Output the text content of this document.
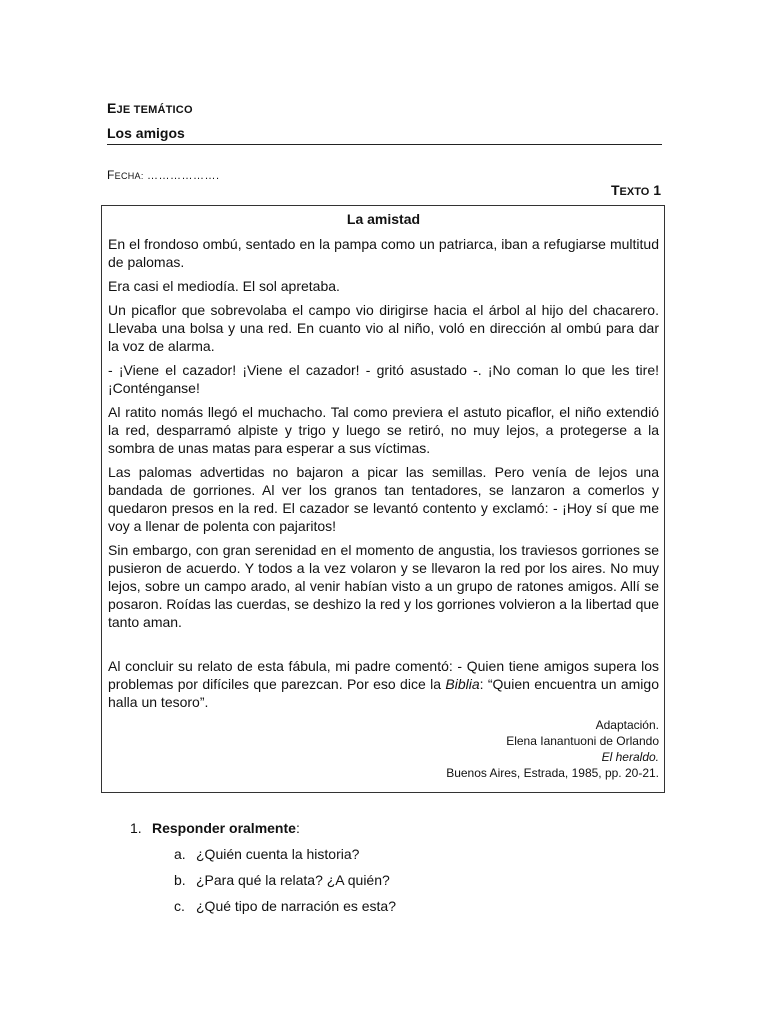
EJE TEMÁTICO
Los amigos
FECHA: ……………….
TEXTO 1
La amistad

En el frondoso ombú, sentado en la pampa como un patriarca, iban a refugiarse multitud de palomas.

Era casi el mediodía. El sol apretaba.

Un picaflor que sobrevolaba el campo vio dirigirse hacia el árbol al hijo del chacarero. Llevaba una bolsa y una red. En cuanto vio al niño, voló en dirección al ombú para dar la voz de alarma.

- ¡Viene el cazador! ¡Viene el cazador! - gritó asustado -. ¡No coman lo que les tire! ¡Conténganse!

Al ratito nomás llegó el muchacho. Tal como previera el astuto picaflor, el niño extendió la red, desparramó alpiste y trigo y luego se retiró, no muy lejos, a protegerse a la sombra de unas matas para esperar a sus víctimas.

Las palomas advertidas no bajaron a picar las semillas. Pero venía de lejos una bandada de gorriones. Al ver los granos tan tentadores, se lanzaron a comerlos y quedaron presos en la red. El cazador se levantó contento y exclamó: - ¡Hoy sí que me voy a llenar de polenta con pajaritos!

Sin embargo, con gran serenidad en el momento de angustia, los traviesos gorriones se pusieron de acuerdo. Y todos a la vez volaron y se llevaron la red por los aires. No muy lejos, sobre un campo arado, al venir habían visto a un grupo de ratones amigos. Allí se posaron. Roídas las cuerdas, se deshizo la red y los gorriones volvieron a la libertad que tanto aman.

Al concluir su relato de esta fábula, mi padre comentó: - Quien tiene amigos supera los problemas por difíciles que parezcan. Por eso dice la Biblia: “Quien encuentra un amigo halla un tesoro”.

Adaptación.
Elena Ianantuoni de Orlando
El heraldo.
Buenos Aires, Estrada, 1985, pp. 20-21.
1. Responder oralmente:
a. ¿Quién cuenta la historia?
b. ¿Para qué la relata? ¿A quién?
c. ¿Qué tipo de narración es esta?
